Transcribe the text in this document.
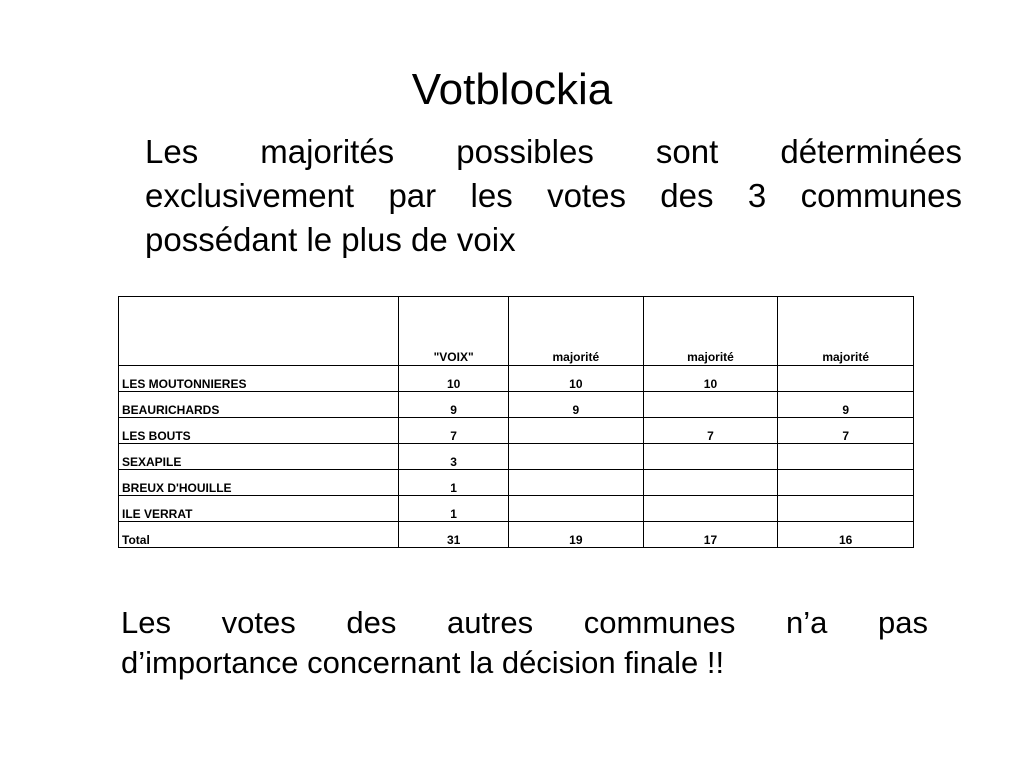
Votblockia
Les majorités possibles sont déterminées
exclusivement par les votes des 3 communes
possédant le plus de voix
	"VOIX"	majorité	majorité	majorité
LES MOUTONNIERES	10	10	10	
BEAURICHARDS	9	9		9
LES BOUTS	7		7	7
SEXAPILE	3			
BREUX D'HOUILLE	1			
ILE VERRAT	1			
Total	31	19	17	16
Les votes des autres communes n’a pas
d’importance concernant la décision finale !!
